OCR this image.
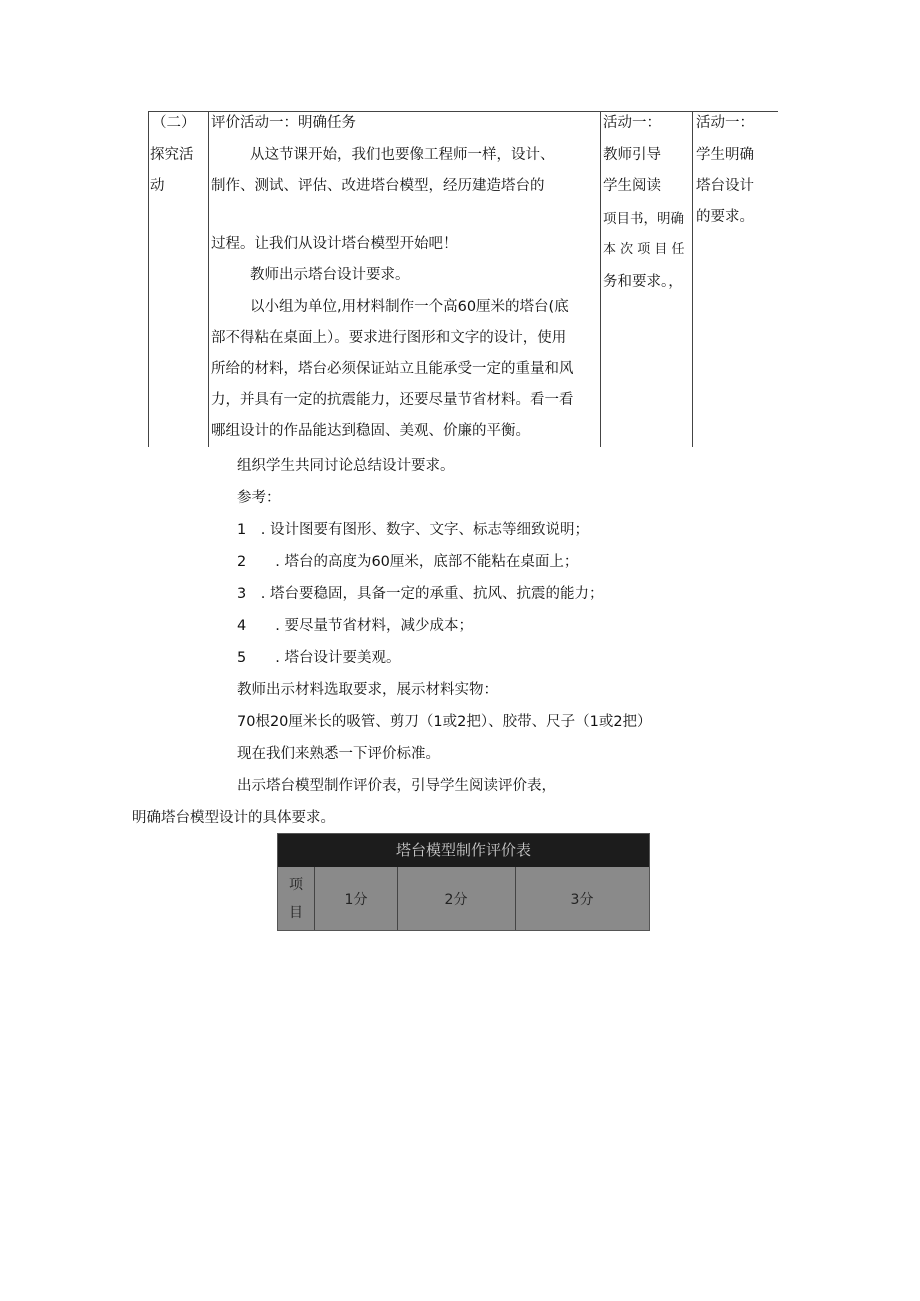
（二）
探究活
动
评价活动一：明确任务
从这节课开始，我们也要像工程师一样，设计、
制作、测试、评估、改进塔台模型，经历建造塔台的
过程。让我们从设计塔台模型开始吧！
教师出示塔台设计要求。
以小组为单位,用材料制作一个高60厘米的塔台(底
部不得粘在桌面上）。要求进行图形和文字的设计，使用
所给的材料，塔台必须保证站立且能承受一定的重量和风
力，并具有一定的抗震能力，还要尽量节省材料。看一看
哪组设计的作品能达到稳固、美观、价廉的平衡。
活动一：
教师引导
学生阅读
项目书，明确
本 次 项 目 任
务和要求。，
活动一：
学生明确
塔台设计
的要求。
组织学生共同讨论总结设计要求。
参考：
1　. 设计图要有图形、数字、文字、标志等细致说明；
2　　. 塔台的高度为60厘米，底部不能粘在桌面上；
3　. 塔台要稳固，具备一定的承重、抗风、抗震的能力；
4　　. 要尽量节省材料，减少成本；
5　　. 塔台设计要美观。
教师出示材料选取要求，展示材料实物：
70根20厘米长的吸管、剪刀（1或2把）、胶带、尺子（1或2把）
现在我们来熟悉一下评价标准。
出示塔台模型制作评价表，引导学生阅读评价表，
明确塔台模型设计的具体要求。
塔台模型制作评价表
项目
1分	2分	3分
